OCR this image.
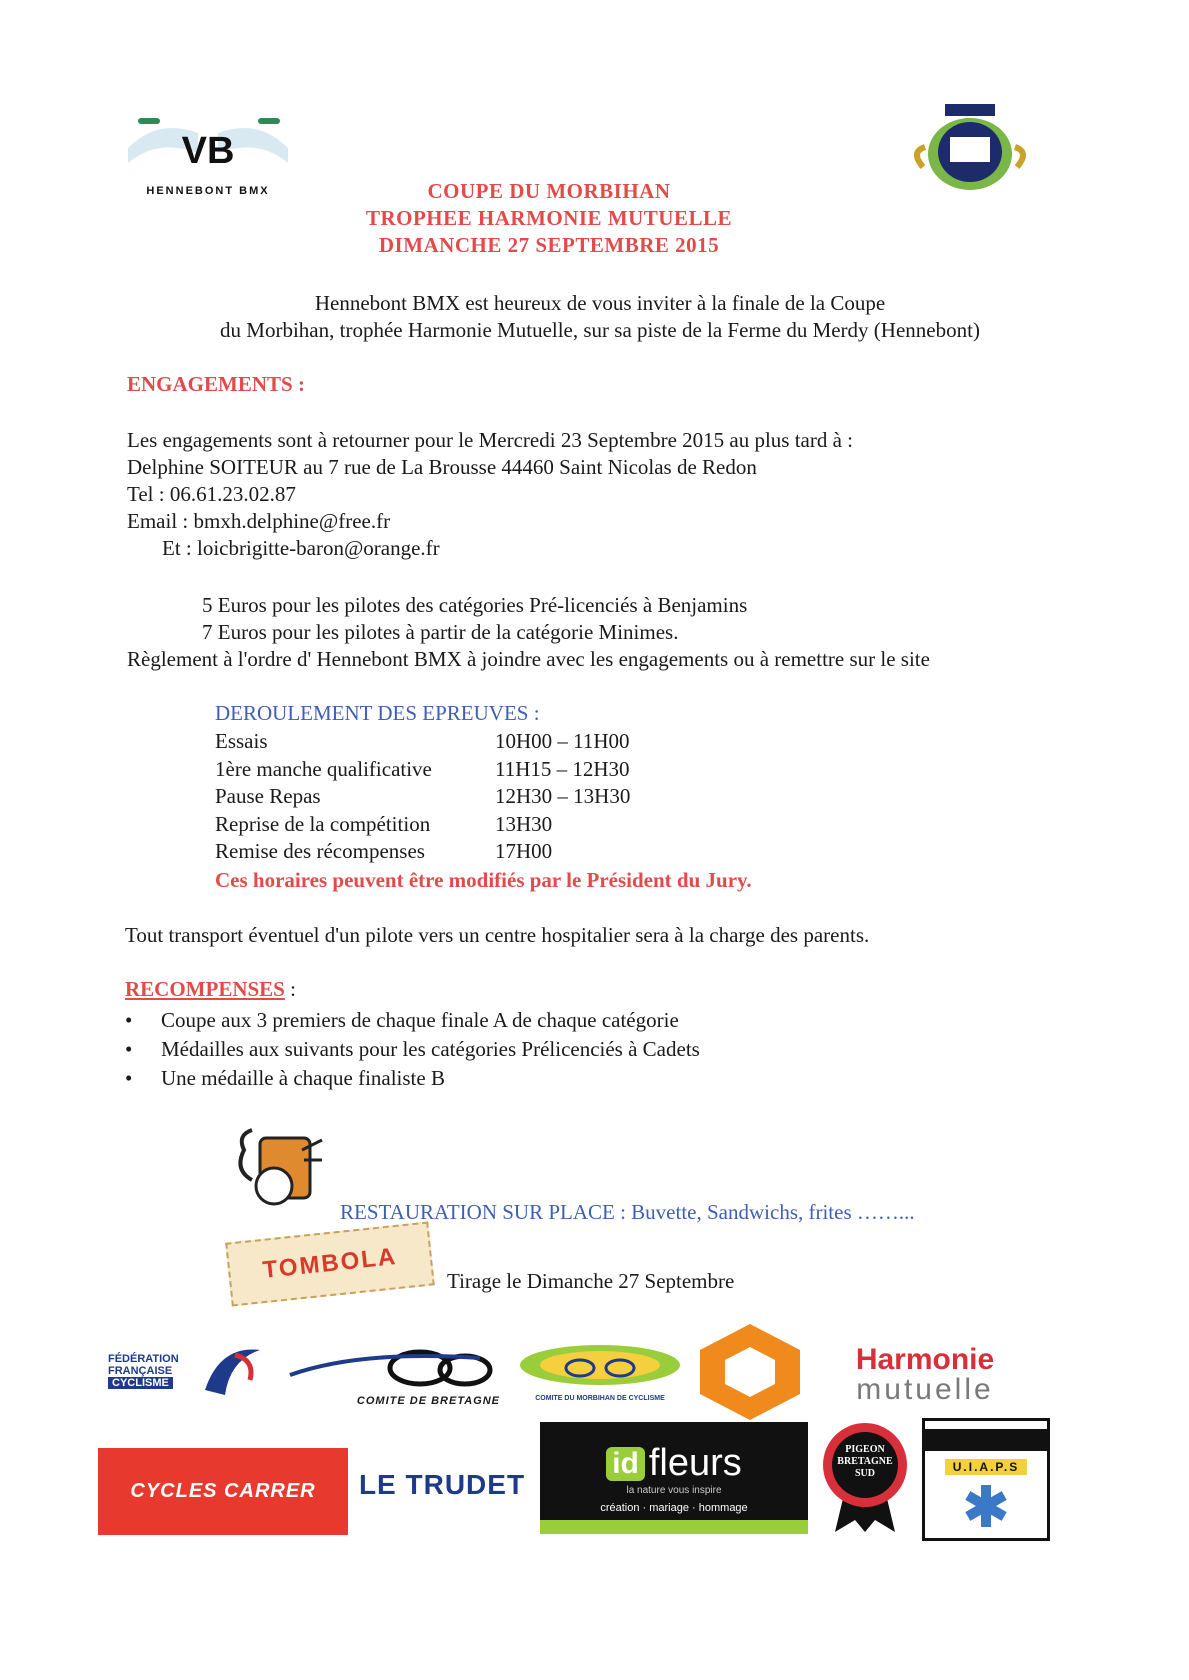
VB
HENNEBONT BMX	COUPE DU MORBIHAN
TROPHEE HARMONIE MUTUELLE
DIMANCHE 27 SEPTEMBRE 2015
Hennebont BMX est heureux de vous inviter à la finale de la Coupe
du Morbihan, trophée Harmonie Mutuelle, sur sa piste de la Ferme du Merdy (Hennebont)
ENGAGEMENTS :
Les engagements sont à retourner pour le Mercredi 23 Septembre 2015 au plus tard à :
Delphine SOITEUR au 7 rue de La Brousse 44460 Saint Nicolas de Redon
Tel : 06.61.23.02.87
Email : bmxh.delphine@free.fr
Et : loicbrigitte-baron@orange.fr
5 Euros pour les pilotes des catégories Pré-licenciés à Benjamins
7 Euros pour les pilotes à partir de la catégorie Minimes.
Règlement à l'ordre d' Hennebont BMX à joindre avec les engagements ou à remettre sur le site
DEROULEMENT DES EPREUVES :
Essais	10H00 – 11H00
1ère manche qualificative	11H15 – 12H30
Pause Repas	12H30 – 13H30
Reprise de la compétition	13H30
Remise des récompenses	17H00
Ces horaires peuvent être modifiés par le Président du Jury.
Tout transport éventuel d'un pilote vers un centre hospitalier sera à la charge des parents.
RECOMPENSES :
• Coupe aux 3 premiers de chaque finale A de chaque catégorie
• Médailles aux suivants pour les catégories Prélicenciés à Cadets
• Une médaille à chaque finaliste B
RESTAURATION SUR PLACE : Buvette, Sandwichs, frites ……...
TOMBOLA Tirage le Dimanche 27 Septembre
FÉDÉRATION
FRANÇAISE
CYCLISME
COMITE DE BRETAGNE	COMITE DU MORBIHAN DE CYCLISME
Harmonie
mutuelle
CYCLES CARRER LE TRUDET
id fleurs
la nature vous inspire
création · mariage · hommage
PIGEON
BRETAGNE
SUD	U.I.A.P.S
